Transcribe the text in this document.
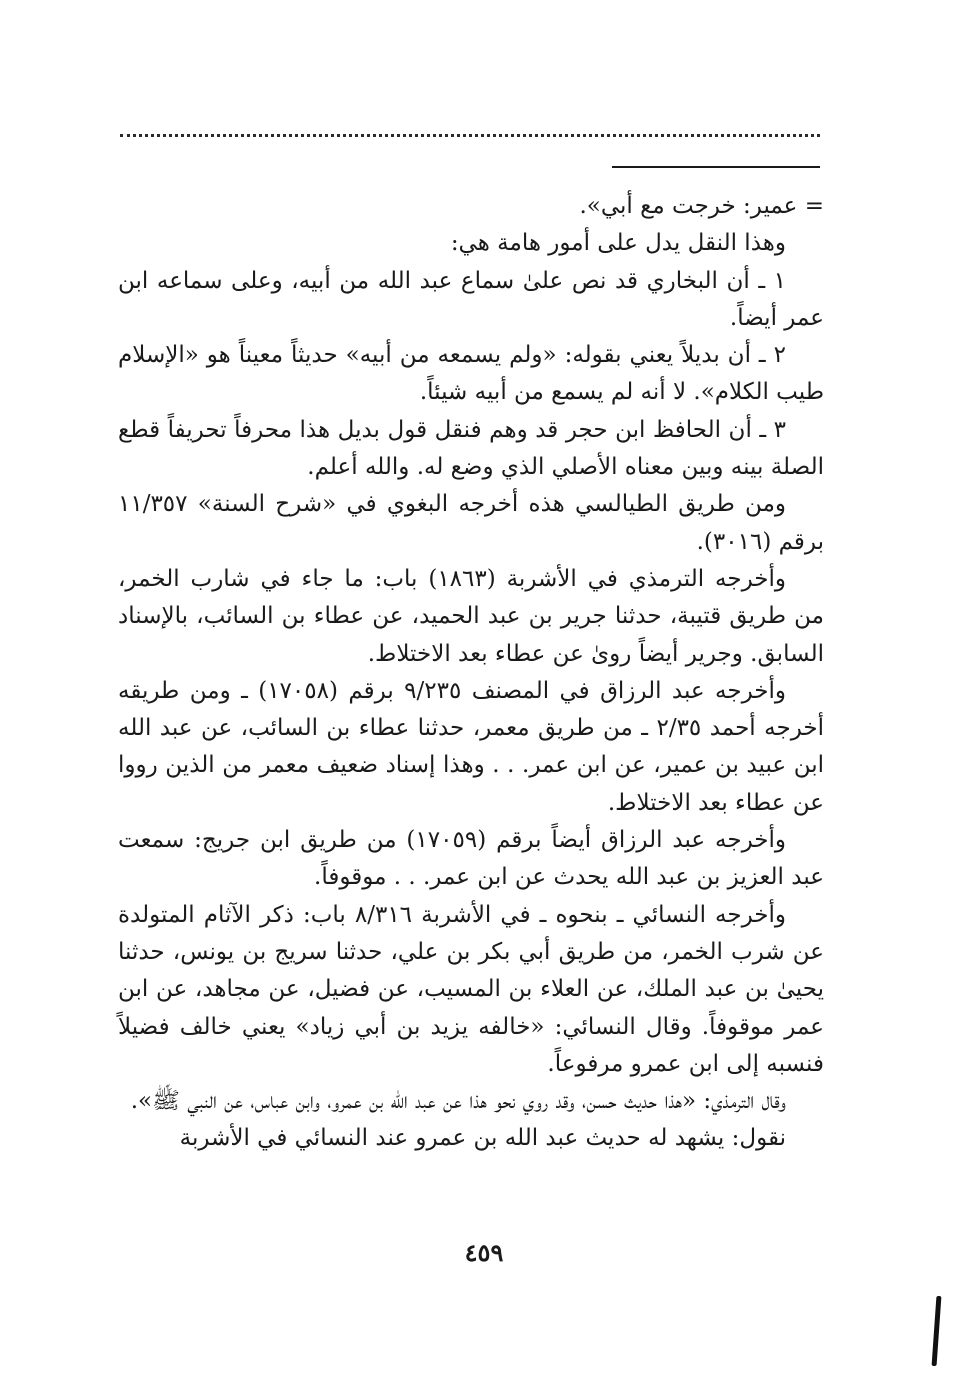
= عمير: خرجت مع أبي».

وهذا النقل يدل على أمور هامة هي:

١ ـ أن البخاري قد نص علىٰ سماع عبد الله من أبيه، وعلى سماعه ابن عمر أيضاً.

٢ ـ أن بديلاً يعني بقوله: «ولم يسمعه من أبيه» حديثاً معيناً هو «الإسلام طيب الكلام». لا أنه لم يسمع من أبيه شيئاً.

٣ ـ أن الحافظ ابن حجر قد وهم فنقل قول بديل هذا محرفاً تحريفاً قطع الصلة بينه وبين معناه الأصلي الذي وضع له. والله أعلم.

ومن طريق الطيالسي هذه أخرجه البغوي في «شرح السنة» ١١/٣٥٧ برقم (٣٠١٦).

وأخرجه الترمذي في الأشربة (١٨٦٣) باب: ما جاء في شارب الخمر، من طريق قتيبة، حدثنا جرير بن عبد الحميد، عن عطاء بن السائب، بالإسناد السابق. وجرير أيضاً روىٰ عن عطاء بعد الاختلاط.

وأخرجه عبد الرزاق في المصنف ٩/٢٣٥ برقم (١٧٠٥٨) ـ ومن طريقه أخرجه أحمد ٢/٣٥ ـ من طريق معمر، حدثنا عطاء بن السائب، عن عبد الله ابن عبيد بن عمير، عن ابن عمر. . . وهذا إسناد ضعيف معمر من الذين رووا عن عطاء بعد الاختلاط.

وأخرجه عبد الرزاق أيضاً برقم (١٧٠٥٩) من طريق ابن جريج: سمعت عبد العزيز بن عبد الله يحدث عن ابن عمر. . . موقوفاً.

وأخرجه النسائي ـ بنحوه ـ في الأشربة ٨/٣١٦ باب: ذكر الآثام المتولدة عن شرب الخمر، من طريق أبي بكر بن علي، حدثنا سريج بن يونس، حدثنا يحيىٰ بن عبد الملك، عن العلاء بن المسيب، عن فضيل، عن مجاهد، عن ابن عمر موقوفاً. وقال النسائي: «خالفه يزيد بن أبي زياد» يعني خالف فضيلاً فنسبه إلى ابن عمرو مرفوعاً.

وقال الترمذي: «هذا حديث حسن، وقد روي نحو هذا عن عبد الله بن عمرو، وابن عباس، عن النبي ﷺ».

نقول: يشهد له حديث عبد الله بن عمرو عند النسائي في الأشربة

٤٥٩
